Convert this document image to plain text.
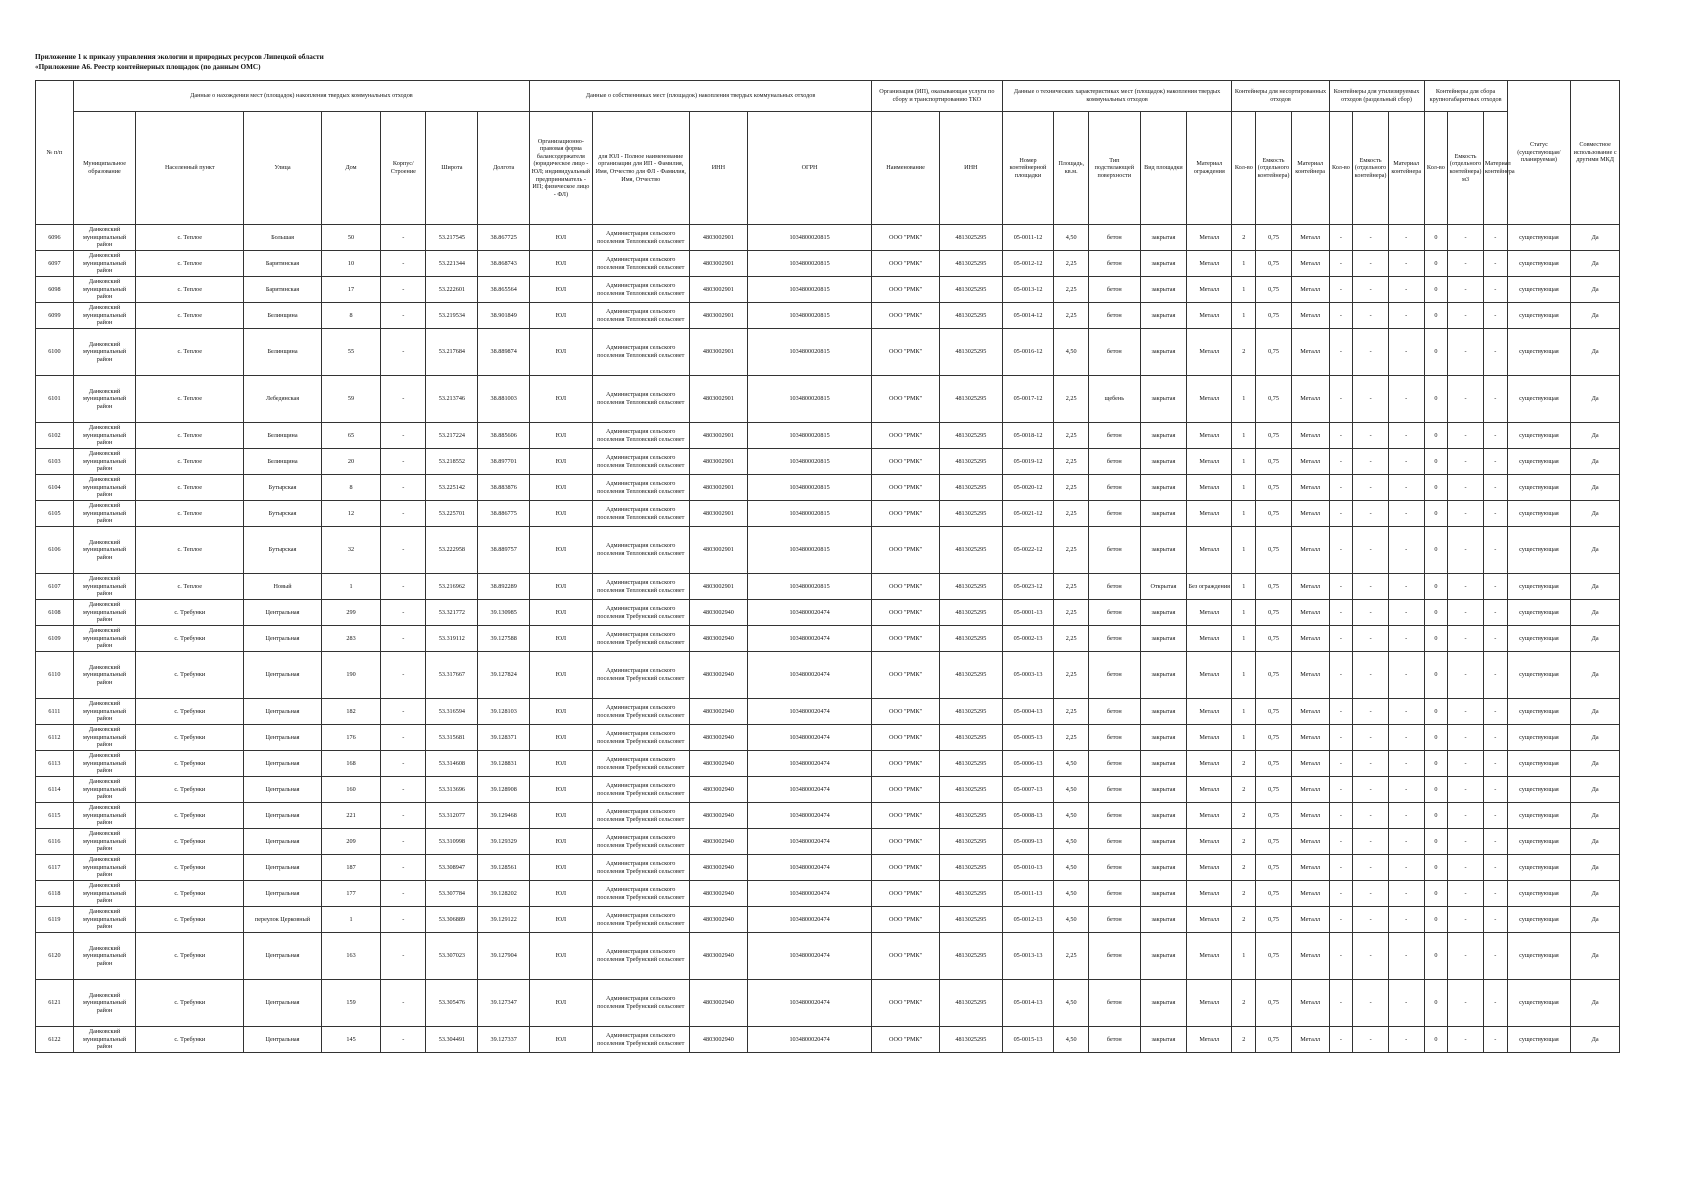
Приложение 1 к приказу управления экологии и природных ресурсов Липецкой области
«Приложение А6. Реестр контейнерных площадок (по данным ОМС)
№ п/п	Данные о нахождении мест (площадок) накопления твердых коммунальных отходов							Данные о собственниках мест (площадок) накопления твердых коммунальных отходов				Организация (ИП), оказывающая услуги по сбору и транспортированию ТКО		Данные о технических характеристиках мест (площадок) накопления твердых коммунальных отходов					Контейнеры для несортированных отходов			Контейнеры для утилизируемых отходов (раздельный сбор)			Контейнеры для сбора крупногабаритных отходов			Статус (существующая/планируемая)	Совместное использование с другими МКД
	Муниципальное образование	Населенный пункт	Улица	Дом	Корпус/Строение	Широта	Долгота	Организационно-правовая форма балансодержателя (юридическое лицо - ЮЛ; индивидуальный предприниматель - ИП; физическое лицо - ФЛ)	для ЮЛ - Полное наименование организации для ИП - Фамилия, Имя, Отчество для ФЛ - Фамилия, Имя, Отчество	ИНН	ОГРН	Наименование	ИНН	Номер контейнерной площадки	Площадь, кв.м.	Тип подстилающей поверхности	Вид площадки	Материал ограждения	Кол-во	Емкость (отдельного контейнера)	Материал контейнера	Кол-во	Емкость (отдельного контейнера)	Материал контейнера	Кол-во	Емкость (отдельного контейнера) м3	Материал контейнера		
6096	Данковский муниципальный район	с. Теплое	Большая	50	-	53.217545	38.867725	ЮЛ	Администрация сельского поселения Тепловский сельсовет	4803002901	1034800020815	ООО "РМК"	4813025295	05-0011-12	4,50	бетон	закрытая	Металл	2	0,75	Металл	-	-	-	0	-	-	существующая	Да
6097	Данковский муниципальный район	с. Теплое	Баритинская	10	-	53.221344	38.868743	ЮЛ	Администрация сельского поселения Тепловский сельсовет	4803002901	1034800020815	ООО "РМК"	4813025295	05-0012-12	2,25	бетон	закрытая	Металл	1	0,75	Металл	-	-	-	0	-	-	существующая	Да
6098	Данковский муниципальный район	с. Теплое	Баритинская	17	-	53.222601	38.865564	ЮЛ	Администрация сельского поселения Тепловский сельсовет	4803002901	1034800020815	ООО "РМК"	4813025295	05-0013-12	2,25	бетон	закрытая	Металл	1	0,75	Металл	-	-	-	0	-	-	существующая	Да
6099	Данковский муниципальный район	с. Теплое	Белинщина	8	-	53.219534	38.901849	ЮЛ	Администрация сельского поселения Тепловский сельсовет	4803002901	1034800020815	ООО "РМК"	4813025295	05-0014-12	2,25	бетон	закрытая	Металл	1	0,75	Металл	-	-	-	0	-	-	существующая	Да
6100	Данковский муниципальный район	с. Теплое	Белинщина	55	-	53.217684	38.889874	ЮЛ	Администрация сельского поселения Тепловский сельсовет	4803002901	1034800020815	ООО "РМК"	4813025295	05-0016-12	4,50	бетон	закрытая	Металл	2	0,75	Металл	-	-	-	0	-	-	существующая	Да
6101	Данковский муниципальный район	с. Теплое	Лебедянская	59	-	53.213746	38.881003	ЮЛ	Администрация сельского поселения Тепловский сельсовет	4803002901	1034800020815	ООО "РМК"	4813025295	05-0017-12	2,25	щебень	закрытая	Металл	1	0,75	Металл	-	-	-	0	-	-	существующая	Да
6102	Данковский муниципальный район	с. Теплое	Белинщина	65	-	53.217224	38.885606	ЮЛ	Администрация сельского поселения Тепловский сельсовет	4803002901	1034800020815	ООО "РМК"	4813025295	05-0018-12	2,25	бетон	закрытая	Металл	1	0,75	Металл	-	-	-	0	-	-	существующая	Да
6103	Данковский муниципальный район	с. Теплое	Белинщина	20	-	53.218552	38.897701	ЮЛ	Администрация сельского поселения Тепловский сельсовет	4803002901	1034800020815	ООО "РМК"	4813025295	05-0019-12	2,25	бетон	закрытая	Металл	1	0,75	Металл	-	-	-	0	-	-	существующая	Да
6104	Данковский муниципальный район	с. Теплое	Бутырская	8	-	53.225142	38.883876	ЮЛ	Администрация сельского поселения Тепловский сельсовет	4803002901	1034800020815	ООО "РМК"	4813025295	05-0020-12	2,25	бетон	закрытая	Металл	1	0,75	Металл	-	-	-	0	-	-	существующая	Да
6105	Данковский муниципальный район	с. Теплое	Бутырская	12	-	53.225701	38.886775	ЮЛ	Администрация сельского поселения Тепловский сельсовет	4803002901	1034800020815	ООО "РМК"	4813025295	05-0021-12	2,25	бетон	закрытая	Металл	1	0,75	Металл	-	-	-	0	-	-	существующая	Да
6106	Данковский муниципальный район	с. Теплое	Бутырская	32	-	53.222958	38.889757	ЮЛ	Администрация сельского поселения Тепловский сельсовет	4803002901	1034800020815	ООО "РМК"	4813025295	05-0022-12	2,25	бетон	закрытая	Металл	1	0,75	Металл	-	-	-	0	-	-	существующая	Да
6107	Данковский муниципальный район	с. Теплое	Новый	1	-	53.216962	38.892289	ЮЛ	Администрация сельского поселения Тепловский сельсовет	4803002901	1034800020815	ООО "РМК"	4813025295	05-0023-12	2,25	бетон	Открытая	Без ограждения	1	0,75	Металл	-	-	-	0	-	-	существующая	Да
6108	Данковский муниципальный район	с. Требунки	Центральная	299	-	53.321772	39.130985	ЮЛ	Администрация сельского поселения Требунский сельсовет	4803002940	1034800020474	ООО "РМК"	4813025295	05-0001-13	2,25	бетон	закрытая	Металл	1	0,75	Металл	-	-	-	0	-	-	существующая	Да
6109	Данковский муниципальный район	с. Требунки	Центральная	283	-	53.319112	39.127588	ЮЛ	Администрация сельского поселения Требунский сельсовет	4803002940	1034800020474	ООО "РМК"	4813025295	05-0002-13	2,25	бетон	закрытая	Металл	1	0,75	Металл	-	-	-	0	-	-	существующая	Да
6110	Данковский муниципальный район	с. Требунки	Центральная	190	-	53.317667	39.127824	ЮЛ	Администрация сельского поселения Требунский сельсовет	4803002940	1034800020474	ООО "РМК"	4813025295	05-0003-13	2,25	бетон	закрытая	Металл	1	0,75	Металл	-	-	-	0	-	-	существующая	Да
6111	Данковский муниципальный район	с. Требунки	Центральная	182	-	53.316594	39.128103	ЮЛ	Администрация сельского поселения Требунский сельсовет	4803002940	1034800020474	ООО "РМК"	4813025295	05-0004-13	2,25	бетон	закрытая	Металл	1	0,75	Металл	-	-	-	0	-	-	существующая	Да
6112	Данковский муниципальный район	с. Требунки	Центральная	176	-	53.315681	39.128371	ЮЛ	Администрация сельского поселения Требунский сельсовет	4803002940	1034800020474	ООО "РМК"	4813025295	05-0005-13	2,25	бетон	закрытая	Металл	1	0,75	Металл	-	-	-	0	-	-	существующая	Да
6113	Данковский муниципальный район	с. Требунки	Центральная	168	-	53.314608	39.128831	ЮЛ	Администрация сельского поселения Требунский сельсовет	4803002940	1034800020474	ООО "РМК"	4813025295	05-0006-13	4,50	бетон	закрытая	Металл	2	0,75	Металл	-	-	-	0	-	-	существующая	Да
6114	Данковский муниципальный район	с. Требунки	Центральная	160	-	53.313696	39.128908	ЮЛ	Администрация сельского поселения Требунский сельсовет	4803002940	1034800020474	ООО "РМК"	4813025295	05-0007-13	4,50	бетон	закрытая	Металл	2	0,75	Металл	-	-	-	0	-	-	существующая	Да
6115	Данковский муниципальный район	с. Требунки	Центральная	221	-	53.312077	39.129468	ЮЛ	Администрация сельского поселения Требунский сельсовет	4803002940	1034800020474	ООО "РМК"	4813025295	05-0008-13	4,50	бетон	закрытая	Металл	2	0,75	Металл	-	-	-	0	-	-	существующая	Да
6116	Данковский муниципальный район	с. Требунки	Центральная	209	-	53.310998	39.129329	ЮЛ	Администрация сельского поселения Требунский сельсовет	4803002940	1034800020474	ООО "РМК"	4813025295	05-0009-13	4,50	бетон	закрытая	Металл	2	0,75	Металл	-	-	-	0	-	-	существующая	Да
6117	Данковский муниципальный район	с. Требунки	Центральная	187	-	53.308947	39.128561	ЮЛ	Администрация сельского поселения Требунский сельсовет	4803002940	1034800020474	ООО "РМК"	4813025295	05-0010-13	4,50	бетон	закрытая	Металл	2	0,75	Металл	-	-	-	0	-	-	существующая	Да
6118	Данковский муниципальный район	с. Требунки	Центральная	177	-	53.307784	39.128202	ЮЛ	Администрация сельского поселения Требунский сельсовет	4803002940	1034800020474	ООО "РМК"	4813025295	05-0011-13	4,50	бетон	закрытая	Металл	2	0,75	Металл	-	-	-	0	-	-	существующая	Да
6119	Данковский муниципальный район	с. Требунки	переулок Церковный	1	-	53.306889	39.129122	ЮЛ	Администрация сельского поселения Требунский сельсовет	4803002940	1034800020474	ООО "РМК"	4813025295	05-0012-13	4,50	бетон	закрытая	Металл	2	0,75	Металл	-	-	-	0	-	-	существующая	Да
6120	Данковский муниципальный район	с. Требунки	Центральная	163	-	53.307023	39.127904	ЮЛ	Администрация сельского поселения Требунский сельсовет	4803002940	1034800020474	ООО "РМК"	4813025295	05-0013-13	2,25	бетон	закрытая	Металл	1	0,75	Металл	-	-	-	0	-	-	существующая	Да
6121	Данковский муниципальный район	с. Требунки	Центральная	159	-	53.305476	39.127347	ЮЛ	Администрация сельского поселения Требунский сельсовет	4803002940	1034800020474	ООО "РМК"	4813025295	05-0014-13	4,50	бетон	закрытая	Металл	2	0,75	Металл	-	-	-	0	-	-	существующая	Да
6122	Данковский муниципальный район	с. Требунки	Центральная	145	-	53.304491	39.127337	ЮЛ	Администрация сельского поселения Требунский сельсовет	4803002940	1034800020474	ООО "РМК"	4813025295	05-0015-13	4,50	бетон	закрытая	Металл	2	0,75	Металл	-	-	-	0	-	-	существующая	Да
